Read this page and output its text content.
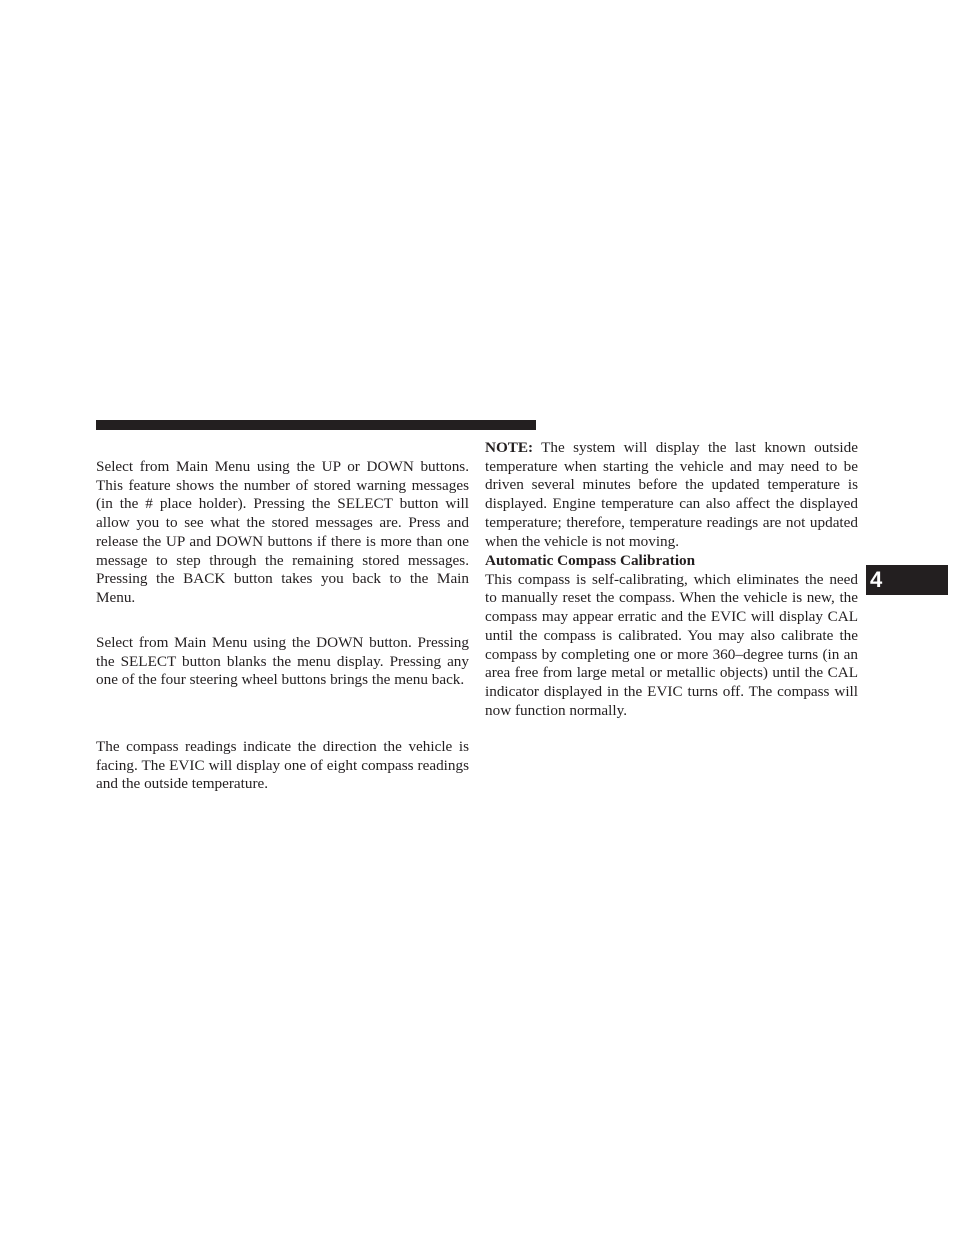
Select from Main Menu using the UP or DOWN buttons. This feature shows the number of stored warning messages (in the # place holder). Pressing the SELECT button will allow you to see what the stored messages are. Press and release the UP and DOWN buttons if there is more than one message to step through the remaining stored messages. Pressing the BACK button takes you back to the Main Menu.

Select from Main Menu using the DOWN button. Pressing the SELECT button blanks the menu display. Pressing any one of the four steering wheel buttons brings the menu back.

The compass readings indicate the direction the vehicle is facing. The EVIC will display one of eight compass readings and the outside temperature.

NOTE: The system will display the last known outside temperature when starting the vehicle and may need to be driven several minutes before the updated temperature is displayed. Engine temperature can also affect the displayed temperature; therefore, temperature readings are not updated when the vehicle is not moving.

Automatic Compass Calibration

This compass is self-calibrating, which eliminates the need to manually reset the compass. When the vehicle is new, the compass may appear erratic and the EVIC will display CAL until the compass is calibrated. You may also calibrate the compass by completing one or more 360–degree turns (in an area free from large metal or metallic objects) until the CAL indicator displayed in the EVIC turns off. The compass will now function normally.

4
